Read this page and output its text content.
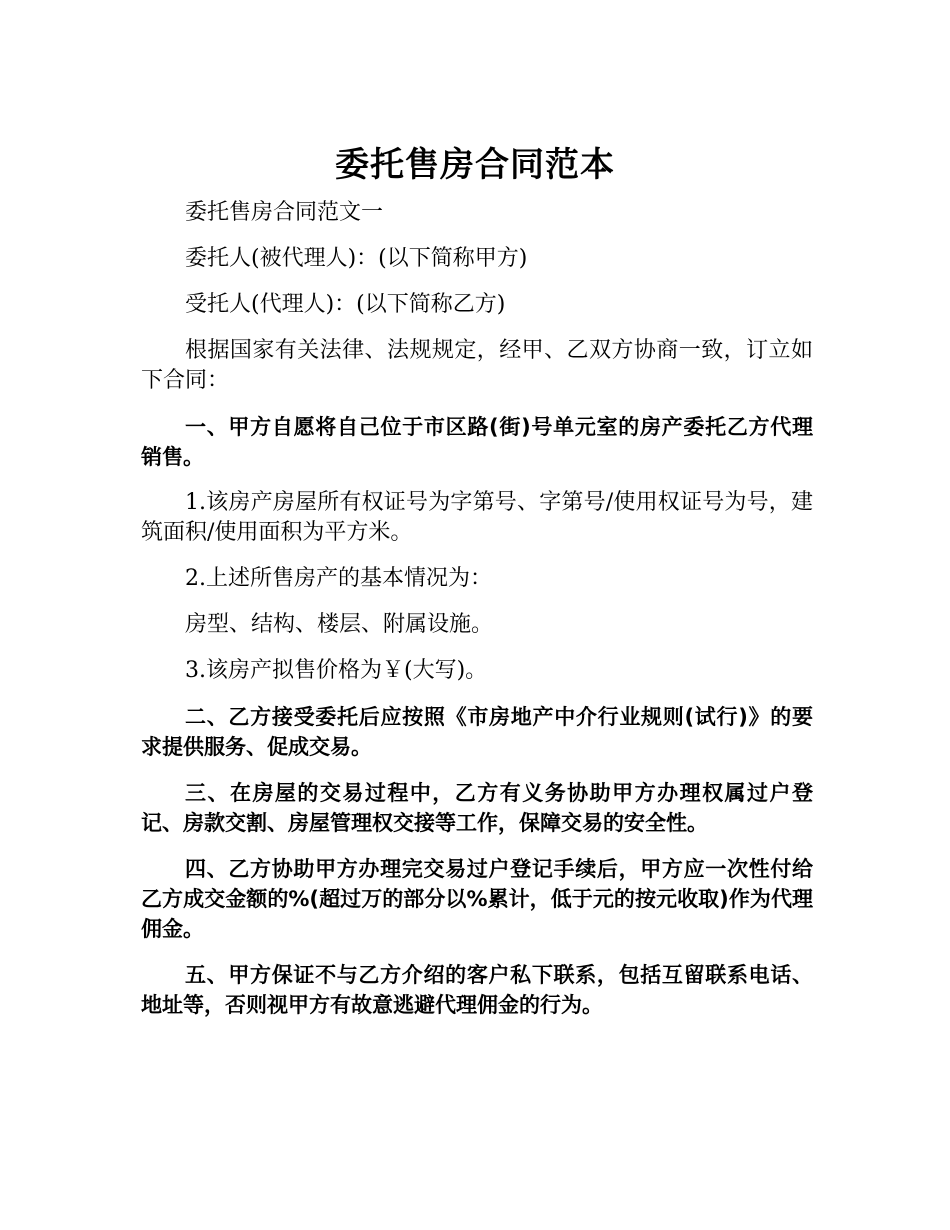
委托售房合同范本

委托售房合同范文一

委托人(被代理人)：(以下简称甲方)

受托人(代理人)：(以下简称乙方)

根据国家有关法律、法规规定，经甲、乙双方协商一致，订立如下合同：

一、甲方自愿将自己位于市区路(街)号单元室的房产委托乙方代理销售。

1.该房产房屋所有权证号为字第号、字第号/使用权证号为号，建筑面积/使用面积为平方米。

2.上述所售房产的基本情况为：

房型、结构、楼层、附属设施。

3.该房产拟售价格为￥(大写)。

二、乙方接受委托后应按照《市房地产中介行业规则(试行)》的要求提供服务、促成交易。

三、在房屋的交易过程中，乙方有义务协助甲方办理权属过户登记、房款交割、房屋管理权交接等工作，保障交易的安全性。

四、乙方协助甲方办理完交易过户登记手续后，甲方应一次性付给乙方成交金额的%(超过万的部分以%累计，低于元的按元收取)作为代理佣金。

五、甲方保证不与乙方介绍的客户私下联系，包括互留联系电话、地址等，否则视甲方有故意逃避代理佣金的行为。
